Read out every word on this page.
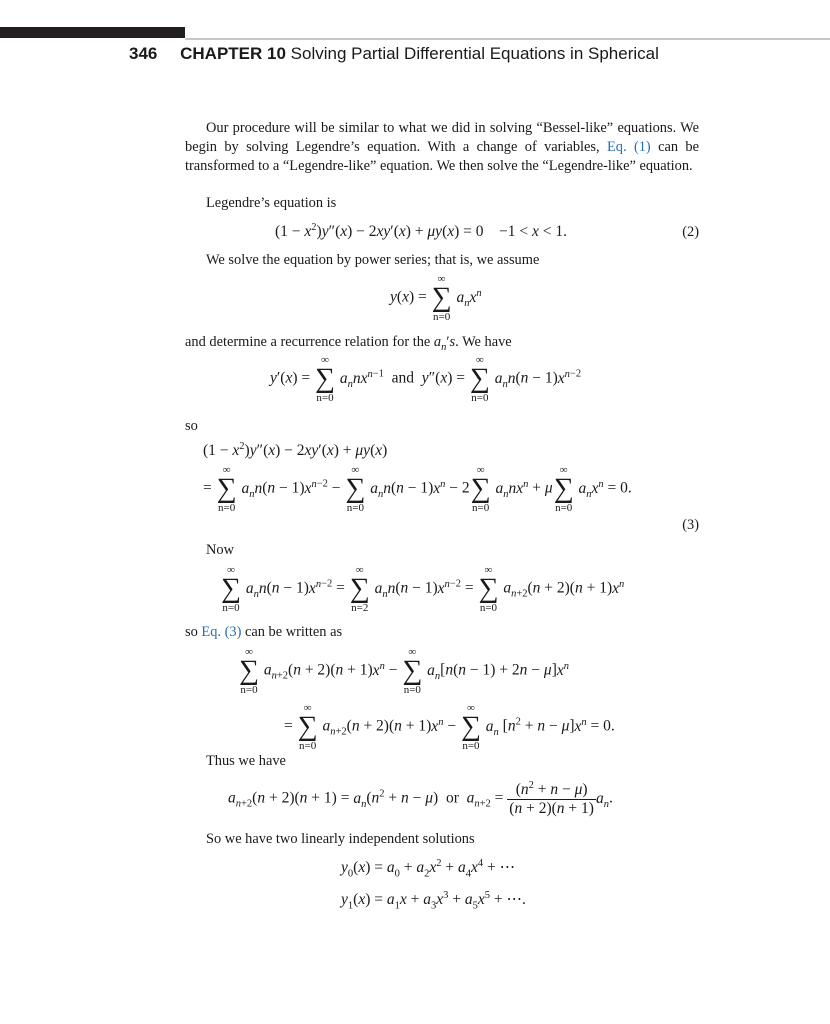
346 CHAPTER 10 Solving Partial Differential Equations in Spherical
Our procedure will be similar to what we did in solving “Bessel-like” equations. We begin by solving Legendre’s equation. With a change of variables, Eq. (1) can be transformed to a “Legendre-like” equation. We then solve the “Legendre-like” equation.
Legendre’s equation is
$(1 - x^2)y''(x) - 2xy'(x) + \mu y(x) = 0$    −1 < x < 1.	(2)
We solve the equation by power series; that is, we assume
y(x) =
∞
∑
n=0
$a_nx^n$
and determine a recurrence relation for the $a_n's$. We have
y′(x) =
∞
∑
n=0
$a_nnx^{n-1}$ and y″(x) =
∞
∑
n=0
$a_nn(n - 1)x^{n-2}$
so
$(1 - x^2)y''(x) - 2xy'(x) + \mu y(x)$
=
∞
∑
n=0
$a_nn(n - 1)x^{n-2}$ −
∞
∑
n=0
$a_nn(n - 1)x^n - 2$
∞
∑
n=0
$a_nnx^n + \mu$
∞
∑
n=0
$a_nx^n = 0$.
(3)
Now
∞
∑
n=0
$a_nn(n - 1)x^{n-2}$ =
∞
∑
n=2
$a_nn(n - 1)x^{n-2}$ =
∞
∑
n=0
$a_{n+2}(n + 2)(n + 1)x^n$
so Eq. (3) can be written as
∞
∑
n=0
$a_{n+2}(n + 2)(n + 1)x^n$ −
∞
∑
n=0
$a_n[n(n - 1) + 2n - \mu]x^n$
=
∞
∑
n=0
$a_{n+2}(n + 2)(n + 1)x^n$ −
∞
∑
n=0
$a_n$ $[n^2 + n - \mu]x^n = 0$.
Thus we have
$a_{n+2}(n + 2)(n + 1) = a_n(n^2 + n - \mu)$  or $a_{n+2} = \frac{(n^2 + n - \mu)}{(n + 2)(n + 1)} a_n$.
So we have two linearly independent solutions
$y_0(x) = a_0 + a_2x^2 + a_4x^4$ + ⋯
$y_1(x) = a_1x + a_3x^3 + a_5x^5$ + ⋯.
